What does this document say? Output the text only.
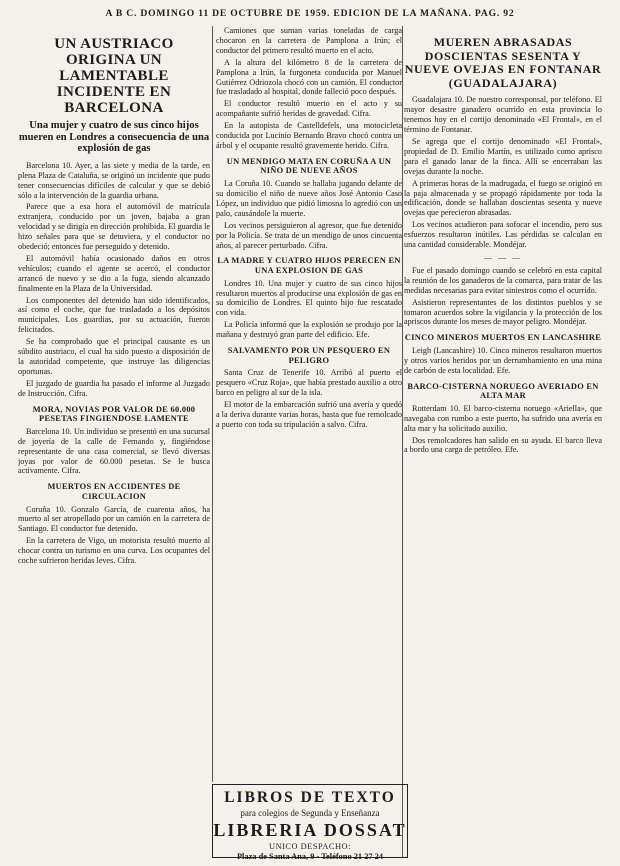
A B C. DOMINGO 11 DE OCTUBRE DE 1959. EDICION DE LA MAÑANA. PAG. 92
UN AUSTRIACO ORIGINA UN LAMENTABLE INCIDENTE EN BARCELONA
Una mujer y cuatro de sus cinco hijos mueren en Londres a consecuencia de una explosión de gas

Barcelona 10. Ayer, a las siete y media de la tarde, en plena Plaza de Cataluña, se originó un incidente que pudo tener consecuencias difíciles de calcular y que se debió sólo a la intervención de la guardia urbana.

Parece que a esa hora el automóvil de matrícula extranjera, conducido por un joven, bajaba a gran velocidad y se dirigía en dirección prohibida. El guardia le hizo señales para que se detuviera, y el conductor no obedeció; entonces fue perseguido y detenido.

El automóvil había ocasionado daños en otros vehículos; cuando el agente se acercó, el conductor arrancó de nuevo y se dio a la fuga, siendo alcanzado finalmente en la Plaza de la Universidad.

Los componentes del detenido han sido identificados, así como el coche, que fue trasladado a los depósitos municipales. Los guardias, por su actuación, fueron felicitados.

Se ha comprobado que el principal causante es un súbdito austriaco, el cual ha sido puesto a disposición de la autoridad competente, que instruye las diligencias oportunas.

El juzgado de guardia ha pasado el informe al Juzgado de Instrucción. Cifra.

MORA, NOVIAS POR VALOR DE 60.000 PESETAS FINGIENDOSE LAMENTE

Barcelona 10. Un individuo se presentó en una sucursal de joyería de la calle de Fernando y, fingiéndose representante de una casa comercial, se llevó diversas joyas por valor de 60.000 pesetas. Se le busca activamente. Cifra.

MUERTOS EN ACCIDENTES DE CIRCULACION

Coruña 10. Gonzalo García, de cuarenta años, ha muerto al ser atropellado por un camión en la carretera de Santiago. El conductor fue detenido.

En la carretera de Vigo, un motorista resultó muerto al chocar contra un turismo en una curva. Los ocupantes del coche sufrieron heridas leves. Cifra.

Camiones que suman varias toneladas de carga chocaron en la carretera de Pamplona a Irún; el conductor del primero resultó muerto en el acto.

A la altura del kilómetro 8 de la carretera de Pamplona a Irún, la furgoneta conducida por Manuel Gutiérrez Odriozola chocó con un camión. El conductor fue trasladado al hospital, donde falleció poco después.

El conductor resultó muerto en el acto y su acompañante sufrió heridas de gravedad. Cifra.

En la autopista de Castelldefels, una motocicleta conducida por Lucinio Bernardo Bravo chocó contra un árbol y el ocupante resultó gravemente herido. Cifra.

UN MENDIGO MATA EN CORUÑA A UN NIÑO DE NUEVE AÑOS

La Coruña 10. Cuando se hallaba jugando delante de su domicilio el niño de nueve años José Antonio Caso López, un individuo que pidió limosna lo agredió con un palo, causándole la muerte.

Los vecinos persiguieron al agresor, que fue detenido por la Policía. Se trata de un mendigo de unos cincuenta años, al parecer perturbado. Cifra.

LA MADRE Y CUATRO HIJOS PERECEN EN UNA EXPLOSION DE GAS

Londres 10. Una mujer y cuatro de sus cinco hijos resultaron muertos al producirse una explosión de gas en su domicilio de Londres. El quinto hijo fue rescatado con vida.

La Policía informó que la explosión se produjo por la mañana y destruyó gran parte del edificio. Efe.

SALVAMENTO POR UN PESQUERO EN PELIGRO

Santa Cruz de Tenerife 10. Arribó al puerto el pesquero «Cruz Roja», que había prestado auxilio a otro barco en peligro al sur de la isla.

El motor de la embarcación sufrió una avería y quedó a la deriva durante varias horas, hasta que fue remolcado a puerto con toda su tripulación a salvo. Cifra.

LIBROS DE TEXTO
para colegios de Segunda y Enseñanza
LIBRERIA DOSSAT
UNICO DESPACHO:
Plaza de Santa Ana, 9 - Teléfono 21 27 24
MUEREN ABRASADAS DOSCIENTAS SESENTA Y NUEVE OVEJAS EN FONTANAR (GUADALAJARA)

Guadalajara 10. De nuestro corresponsal, por teléfono. El mayor desastre ganadero ocurrido en esta provincia lo tenemos hoy en el cortijo denominado «El Frontal», en el término de Fontanar.

Se agrega que el cortijo denominado «El Frontal», propiedad de D. Emilio Martín, es utilizado como aprisco para el ganado lanar de la finca. Allí se encerraban las ovejas durante la noche.

A primeras horas de la madrugada, el fuego se originó en la paja almacenada y se propagó rápidamente por toda la edificación, donde se hallaban doscientas sesenta y nueve ovejas que perecieron abrasadas.

Los vecinos acudieron para sofocar el incendio, pero sus esfuerzos resultaron inútiles. Las pérdidas se calculan en una cantidad considerable. Mondéjar.

— — —

Fue el pasado domingo cuando se celebró en esta capital la reunión de los ganaderos de la comarca, para tratar de las medidas necesarias para evitar siniestros como el ocurrido.

Asistieron representantes de los distintos pueblos y se tomaron acuerdos sobre la vigilancia y la protección de los apriscos durante los meses de mayor peligro. Mondéjar.

CINCO MINEROS MUERTOS EN LANCASHIRE

Leigh (Lancashire) 10. Cinco mineros resultaron muertos y otros varios heridos por un derrumbamiento en una mina de carbón de esta localidad. Efe.

BARCO-CISTERNA NORUEGO AVERIADO EN ALTA MAR

Rotterdam 10. El barco-cisterna noruego «Ariella», que navegaba con rumbo a este puerto, ha sufrido una avería en alta mar y ha solicitado auxilio.

Dos remolcadores han salido en su ayuda. El barco lleva a bordo una carga de petróleo. Efe.
